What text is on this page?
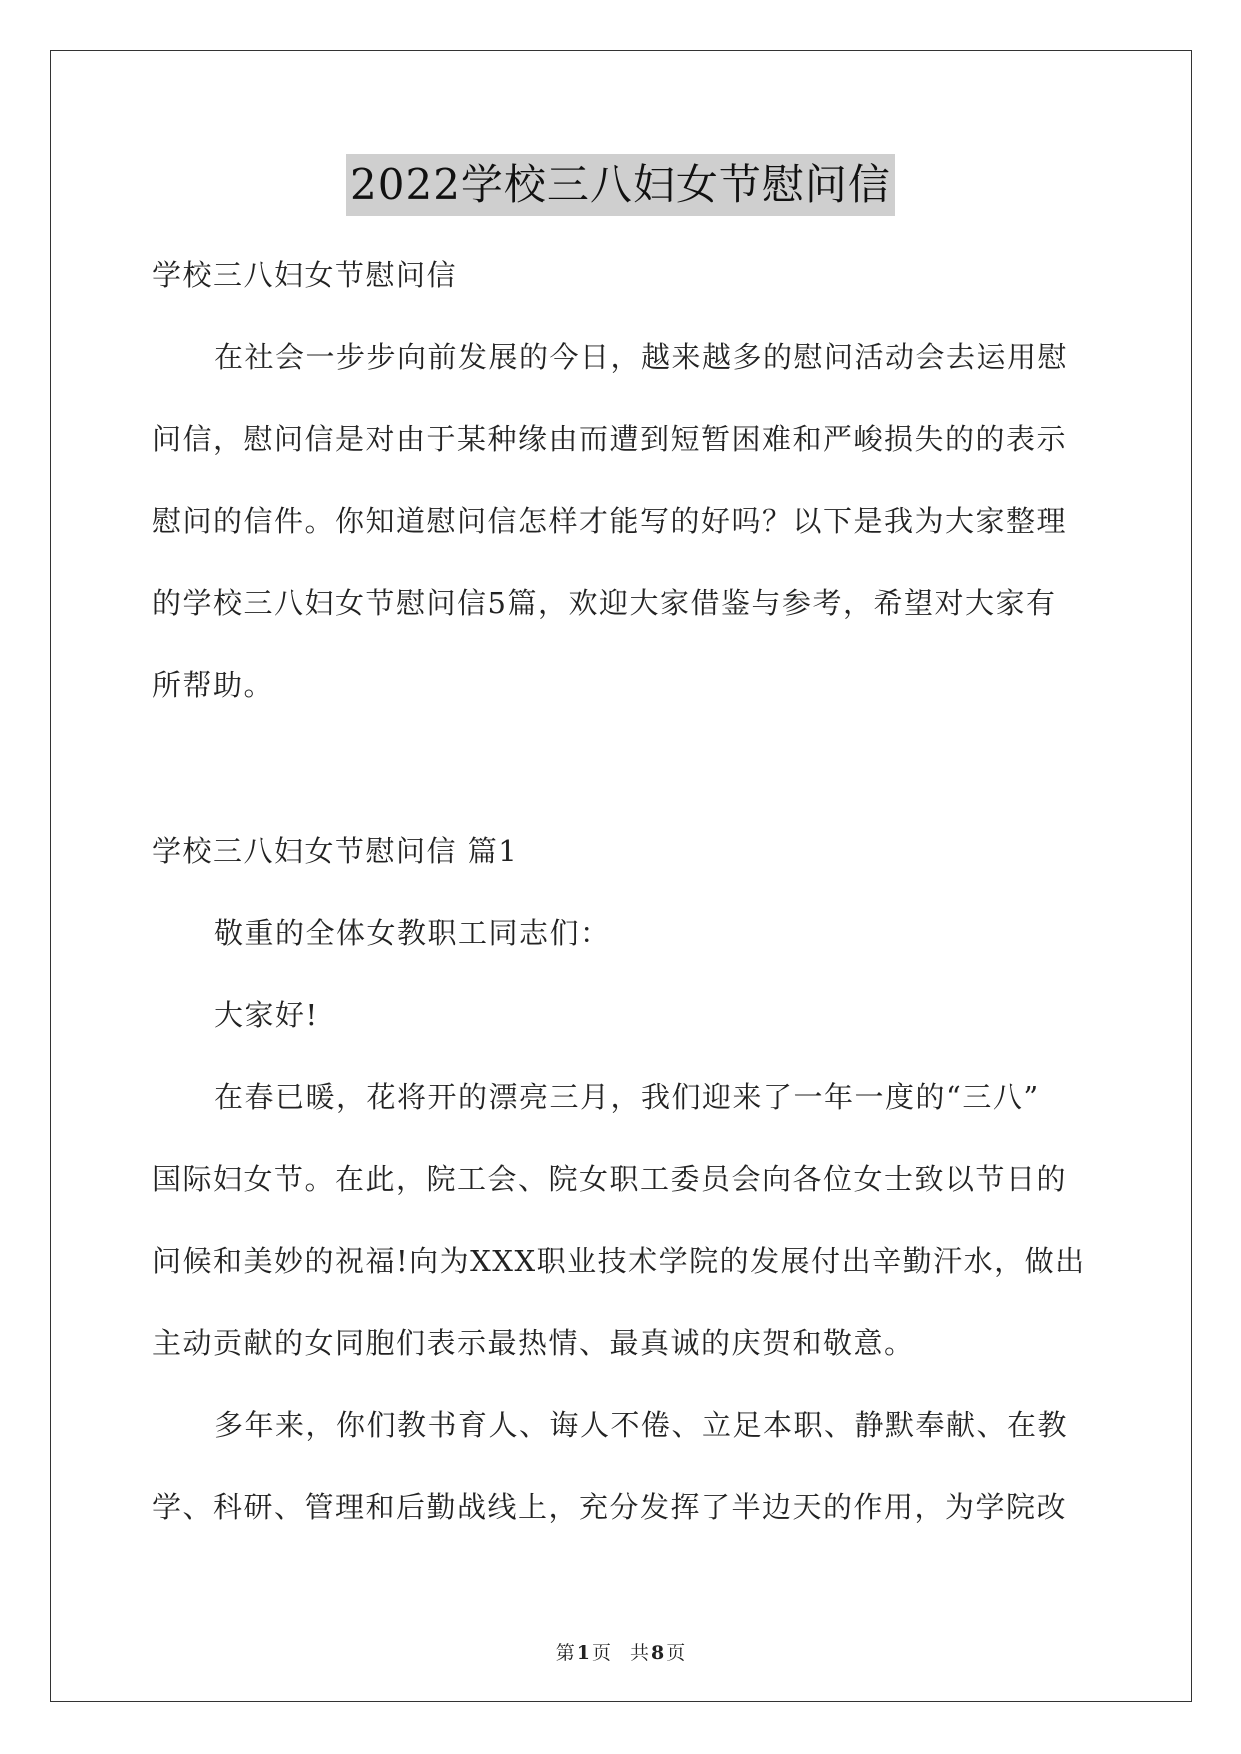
2022学校三八妇女节慰问信
学校三八妇女节慰问信
在社会一步步向前发展的今日，越来越多的慰问活动会去运用慰
问信，慰问信是对由于某种缘由而遭到短暂困难和严峻损失的的表示
慰问的信件。你知道慰问信怎样才能写的好吗？以下是我为大家整理
的学校三八妇女节慰问信5篇，欢迎大家借鉴与参考，希望对大家有
所帮助。
学校三八妇女节慰问信 篇1
敬重的全体女教职工同志们：
大家好!
在春已暖，花将开的漂亮三月，我们迎来了一年一度的“三八”
国际妇女节。在此，院工会、院女职工委员会向各位女士致以节日的
问候和美妙的祝福!向为XXX职业技术学院的发展付出辛勤汗水，做出
主动贡献的女同胞们表示最热情、最真诚的庆贺和敬意。
多年来，你们教书育人、诲人不倦、立足本职、静默奉献、在教
学、科研、管理和后勤战线上，充分发挥了半边天的作用，为学院改
第 1 页　共 8 页
